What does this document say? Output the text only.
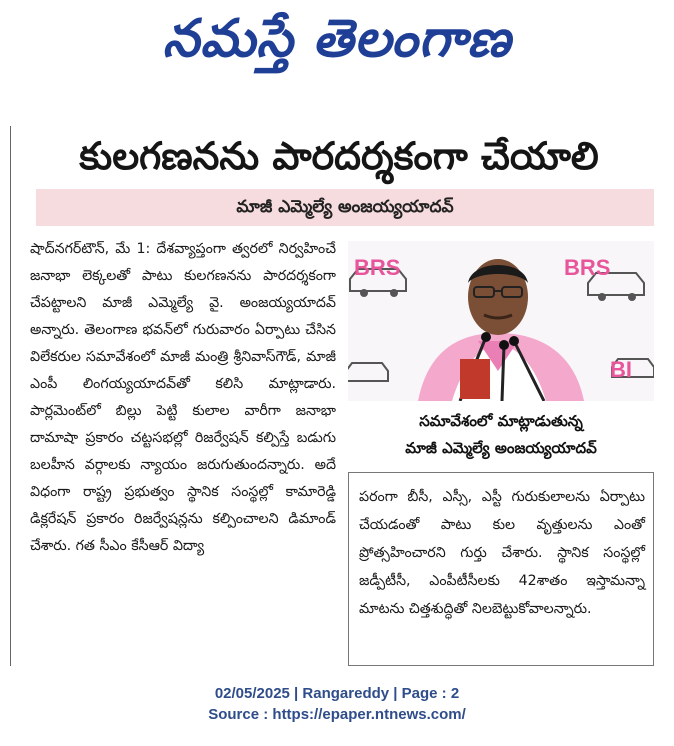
నమస్తే తెలంగాణ
కులగణనను పారదర్శకంగా చేయాలి
మాజీ ఎమ్మెల్యే అంజయ్యయాదవ్

షాద్‌నగర్‌టౌన్‌, మే 1: దేశవ్యాప్తంగా త్వరలో నిర్వహించే జనాభా లెక్కలతో పాటు కులగణనను పారదర్శకంగా చేపట్టాలని మాజీ ఎమ్మెల్యే వై. అంజయ్యయాదవ్‌ అన్నారు. తెలంగాణ భవన్‌లో గురువారం ఏర్పాటు చేసిన విలేకరుల సమావేశంలో మాజీ మంత్రి శ్రీనివాస్‌గౌడ్‌, మాజీ ఎంపీ లింగయ్యయాదవ్‌తో కలిసి మాట్లాడారు. పార్లమెంట్‌లో బిల్లు పెట్టి కులాల వారీగా జనాభా దామాషా ప్రకారం చట్టసభల్లో రిజర్వేషన్‌ కల్పిస్తే బడుగు బలహీన వర్గాలకు న్యాయం జరుగుతుందన్నారు. అదే విధంగా రాష్ట్ర ప్రభుత్వం స్థానిక సంస్థల్లో కామారెడ్డి డిక్లరేషన్‌ ప్రకారం రిజర్వేషన్లను కల్పించాలని డిమాండ్‌ చేశారు. గత సీఎం కేసీఆర్‌ విద్యా

BRS	BRS
BI
సమావేశంలో మాట్లాడుతున్న
మాజీ ఎమ్మెల్యే అంజయ్యయాదవ్‌

పరంగా బీసీ, ఎస్సీ, ఎస్టీ గురుకులాలను ఏర్పాటు చేయడంతో పాటు కుల వృత్తులను ఎంతో ప్రోత్సహించారని గుర్తు చేశారు. స్థానిక సంస్థల్లో జడ్పీటీసీ, ఎంపీటీసీలకు 42శాతం ఇస్తామన్నా మాటను చిత్తశుద్ధితో నిలబెట్టుకోవాలన్నారు.

02/05/2025 | Rangareddy | Page : 2
Source : https://epaper.ntnews.com/
